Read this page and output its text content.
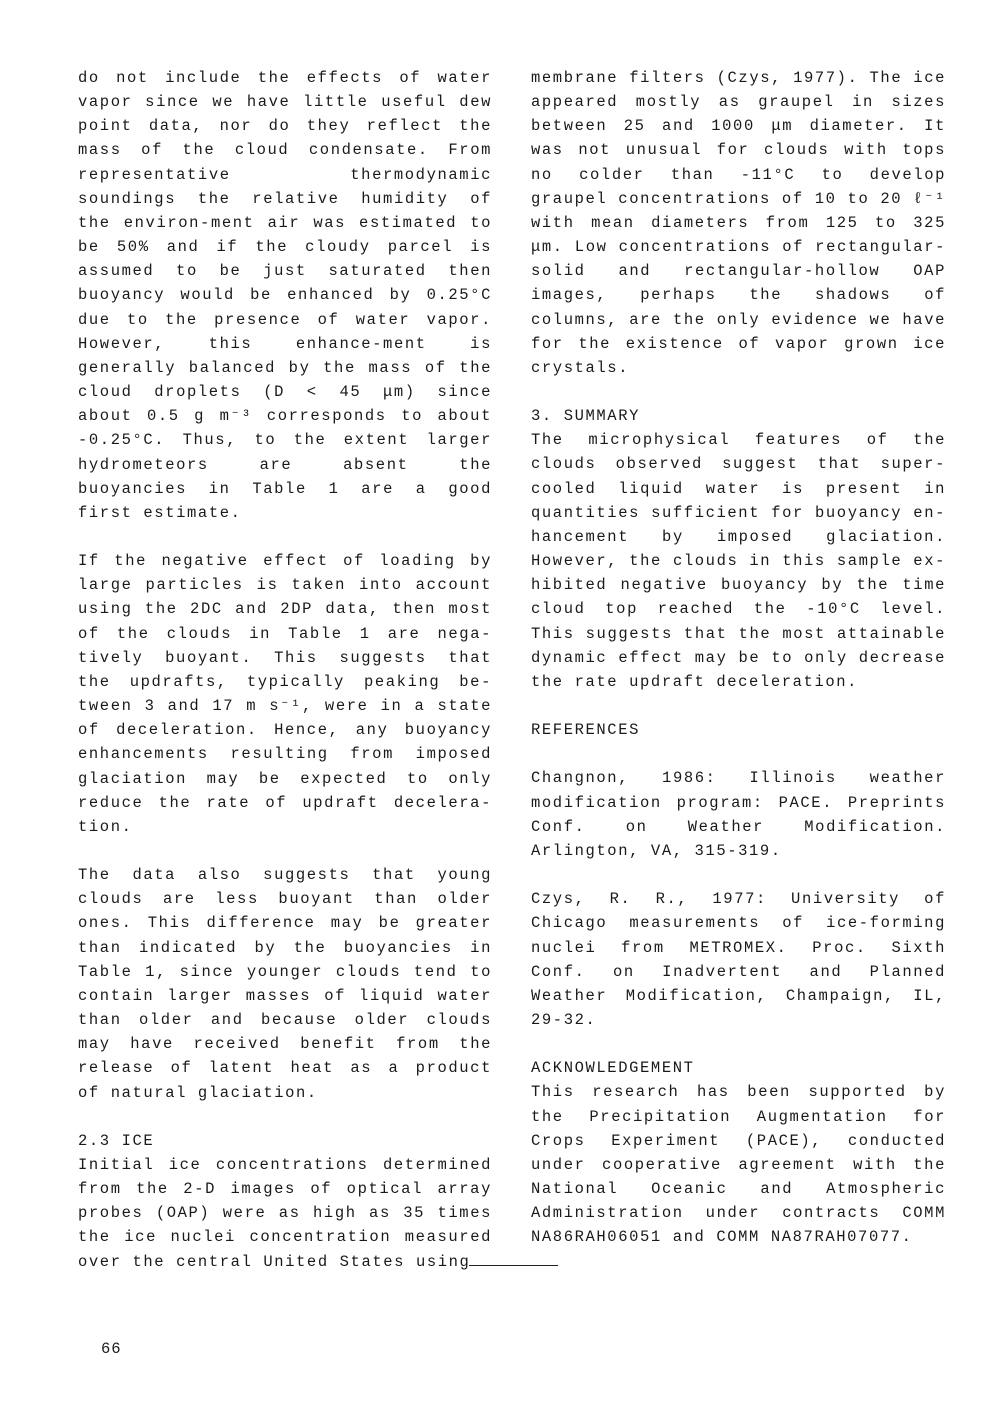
do not include the effects of water vapor since we have little useful dew point data, nor do they reflect the mass of the cloud condensate. From representative thermodynamic soundings the relative humidity of the environ-ment air was estimated to be 50% and if the cloudy parcel is assumed to be just saturated then buoyancy would be enhanced by 0.25°C due to the presence of water vapor. However, this enhance-ment is generally balanced by the mass of the cloud droplets (D < 45 μm) since about 0.5 g m⁻³ corresponds to about -0.25°C. Thus, to the extent larger hydrometeors are absent the buoyancies in Table 1 are a good first estimate.

If the negative effect of loading by large particles is taken into account using the 2DC and 2DP data, then most of the clouds in Table 1 are nega-tively buoyant. This suggests that the updrafts, typically peaking be-tween 3 and 17 m s⁻¹, were in a state of deceleration. Hence, any buoyancy enhancements resulting from imposed glaciation may be expected to only reduce the rate of updraft decelera-tion.

The data also suggests that young clouds are less buoyant than older ones. This difference may be greater than indicated by the buoyancies in Table 1, since younger clouds tend to contain larger masses of liquid water than older and because older clouds may have received benefit from the release of latent heat as a product of natural glaciation.

2.3 ICE

Initial ice concentrations determined from the 2-D images of optical array probes (OAP) were as high as 35 times the ice nuclei concentration measured over the central United States using

membrane filters (Czys, 1977). The ice appeared mostly as graupel in sizes between 25 and 1000 μm diameter. It was not unusual for clouds with tops no colder than -11°C to develop graupel concentrations of 10 to 20 ℓ⁻¹ with mean diameters from 125 to 325 μm. Low concentrations of rectangular-solid and rectangular-hollow OAP images, perhaps the shadows of columns, are the only evidence we have for the existence of vapor grown ice crystals.

3. SUMMARY

The microphysical features of the clouds observed suggest that super-cooled liquid water is present in quantities sufficient for buoyancy en-hancement by imposed glaciation. However, the clouds in this sample ex-hibited negative buoyancy by the time cloud top reached the -10°C level. This suggests that the most attainable dynamic effect may be to only decrease the rate updraft deceleration.

REFERENCES

Changnon, 1986: Illinois weather modification program: PACE. Preprints Conf. on Weather Modification. Arlington, VA, 315-319.

Czys, R. R., 1977: University of Chicago measurements of ice-forming nuclei from METROMEX. Proc. Sixth Conf. on Inadvertent and Planned Weather Modification, Champaign, IL, 29-32.

ACKNOWLEDGEMENT

This research has been supported by the Precipitation Augmentation for Crops Experiment (PACE), conducted under cooperative agreement with the National Oceanic and Atmospheric Administration under contracts COMM NA86RAH06051 and COMM NA87RAH07077.

66
